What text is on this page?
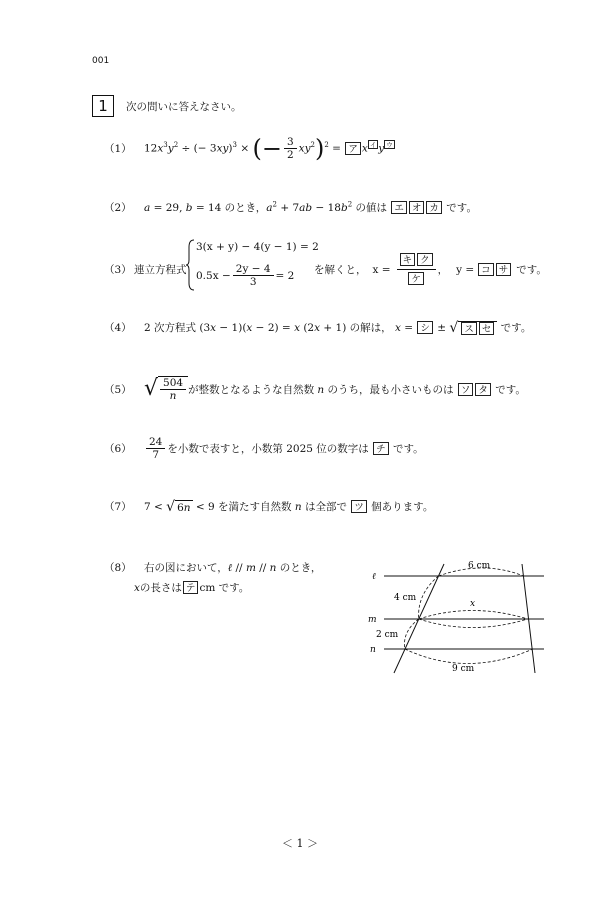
001
1	次の問いに答えなさい。
（1）	$12x^3y^2$ ÷ (− 3xy)$^3$ × (− $\frac{3}{2} xy^2)^2$ = ア x イ y ウ
（2）	a = 29, b = 14 のとき，$a^2 + 7ab - 18b^2$ の値は エ オ カ です。
（3） 連立方程式
3(x + y) − 4(y − 1) = 2
$0.5x - \frac{2y - 4}{3} = 2$ を解くと， $x = \frac{\text{キ ク}}{\text{ケ}}$ ， y = コ サ です。
（4）	2 次方程式 (3x − 1)(x − 2) = x (2x + 1) の解は， x = シ ± √ ス セ です。
（5） √ $\frac{504}{n}$ が整数となるような自然数 n のうち，最も小さいものは ソ タ です。
（6）	$\frac{24}{7}$ を小数で表すと，小数第 2025 位の数字は チ です。
（7）	7 < √ 6n < 9 を満たす自然数 n は全部で ツ 個あります。
（8）	右の図において，ℓ // m // n のとき，
x の長さは テ cm です。
ℓ
m
n
6 cm
4 cm
x
2 cm
9 cm
＜ 1 ＞
